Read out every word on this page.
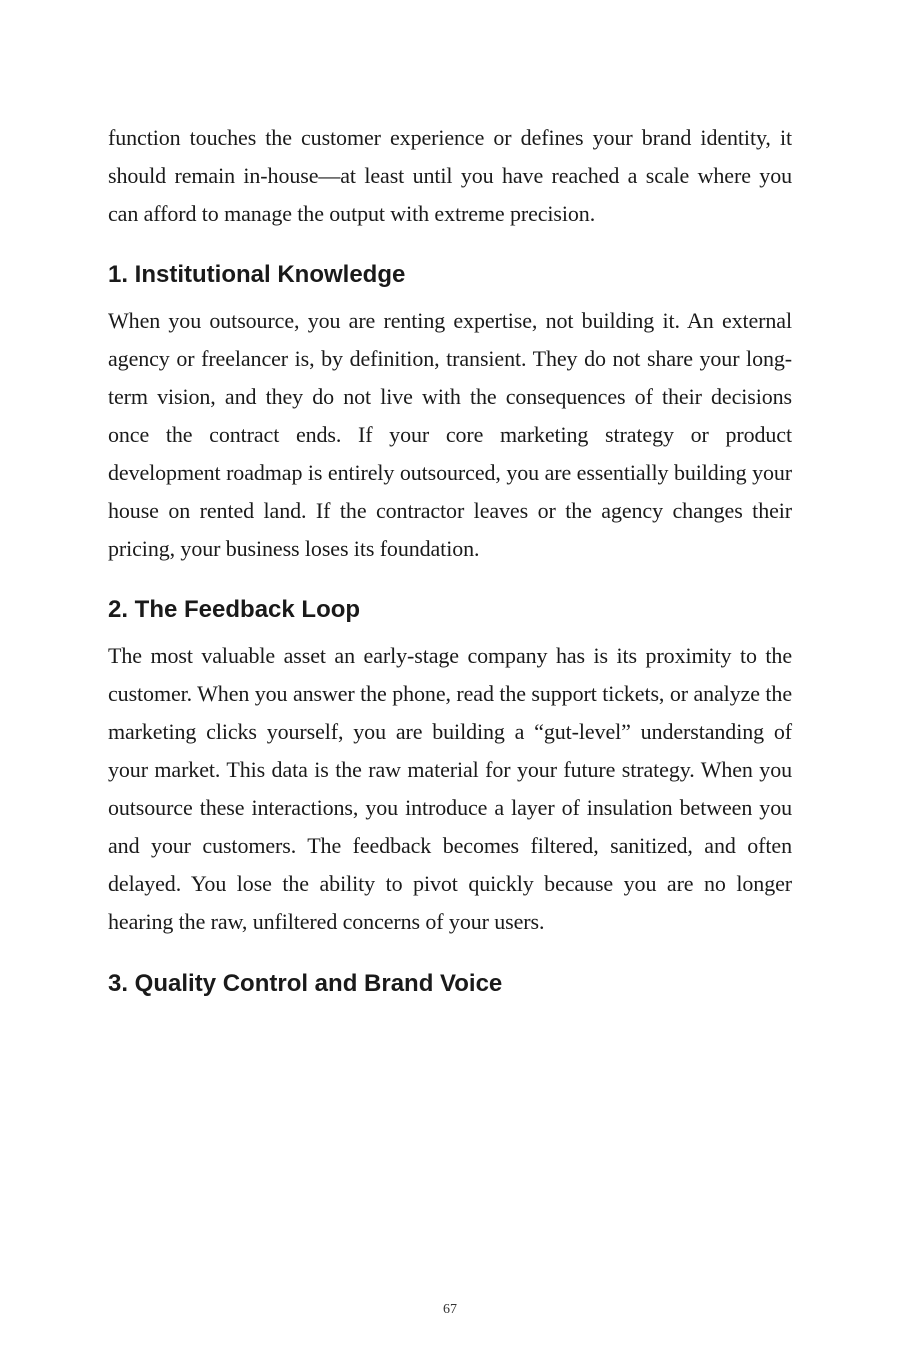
function touches the customer experience or defines your brand identity, it should remain in-house—at least until you have reached a scale where you can afford to manage the output with extreme precision.

1. Institutional Knowledge

When you outsource, you are renting expertise, not building it. An external agency or freelancer is, by definition, transient. They do not share your long-term vision, and they do not live with the consequences of their decisions once the contract ends. If your core marketing strategy or product development roadmap is entirely outsourced, you are essentially building your house on rented land. If the contractor leaves or the agency changes their pricing, your business loses its foundation.

2. The Feedback Loop

The most valuable asset an early-stage company has is its proximity to the customer. When you answer the phone, read the support tickets, or analyze the marketing clicks yourself, you are building a “gut-level” understanding of your market. This data is the raw material for your future strategy. When you outsource these interactions, you introduce a layer of insulation between you and your customers. The feedback becomes filtered, sanitized, and often delayed. You lose the ability to pivot quickly because you are no longer hearing the raw, unfiltered concerns of your users.

3. Quality Control and Brand Voice
67
